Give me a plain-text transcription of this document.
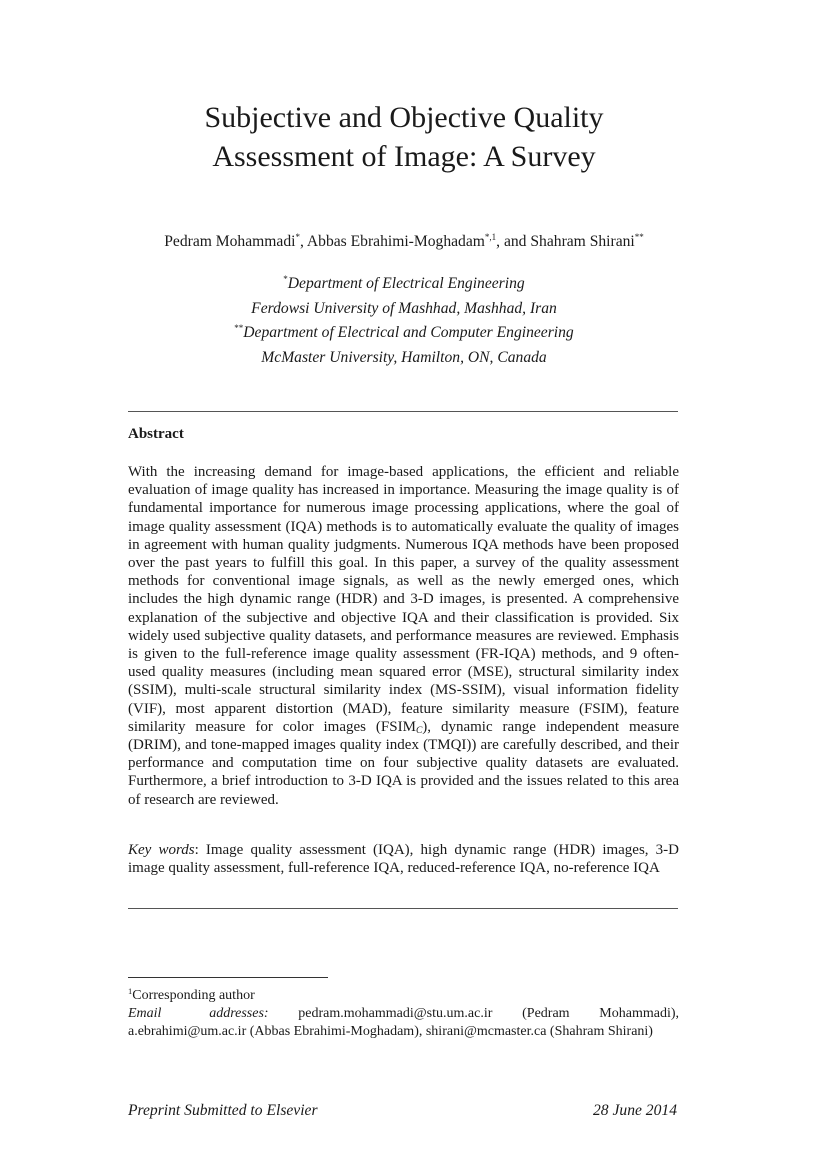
Subjective and Objective Quality
Assessment of Image: A Survey
Pedram Mohammadi*, Abbas Ebrahimi-Moghadam$^{*,1}$, and Shahram Shirani**
*Department of Electrical Engineering
Ferdowsi University of Mashhad, Mashhad, Iran
**Department of Electrical and Computer Engineering
McMaster University, Hamilton, ON, Canada
Abstract
With the increasing demand for image-based applications, the efficient and reliable evaluation of image quality has increased in importance. Measuring the image quality is of fundamental importance for numerous image processing applications, where the goal of image quality assessment (IQA) methods is to automatically evaluate the quality of images in agreement with human quality judgments. Numerous IQA methods have been proposed over the past years to fulfill this goal. In this paper, a survey of the quality assessment methods for conventional image signals, as well as the newly emerged ones, which includes the high dynamic range (HDR) and 3-D images, is presented. A comprehensive explanation of the subjective and objective IQA and their classification is provided. Six widely used subjective quality datasets, and performance measures are reviewed. Emphasis is given to the full-reference image quality assessment (FR-IQA) methods, and 9 often-used quality measures (including mean squared error (MSE), structural similarity index (SSIM), multi-scale structural similarity index (MS-SSIM), visual information fidelity (VIF), most apparent distortion (MAD), feature similarity measure (FSIM), feature similarity measure for color images $(FSIM_C)$, dynamic range independent measure (DRIM), and tone-mapped images quality index (TMQI)) are carefully described, and their performance and computation time on four subjective quality datasets are evaluated. Furthermore, a brief introduction to 3-D IQA is provided and the issues related to this area of research are reviewed.
Key words: Image quality assessment (IQA), high dynamic range (HDR) images, 3-D image quality assessment, full-reference IQA, reduced-reference IQA, no-reference IQA
$^1$Corresponding author
Email addresses: pedram.mohammadi@stu.um.ac.ir (Pedram Mohammadi), a.ebrahimi@um.ac.ir (Abbas Ebrahimi-Moghadam), shirani@mcmaster.ca (Shahram Shirani)
Preprint Submitted to Elsevier	28 June 2014
